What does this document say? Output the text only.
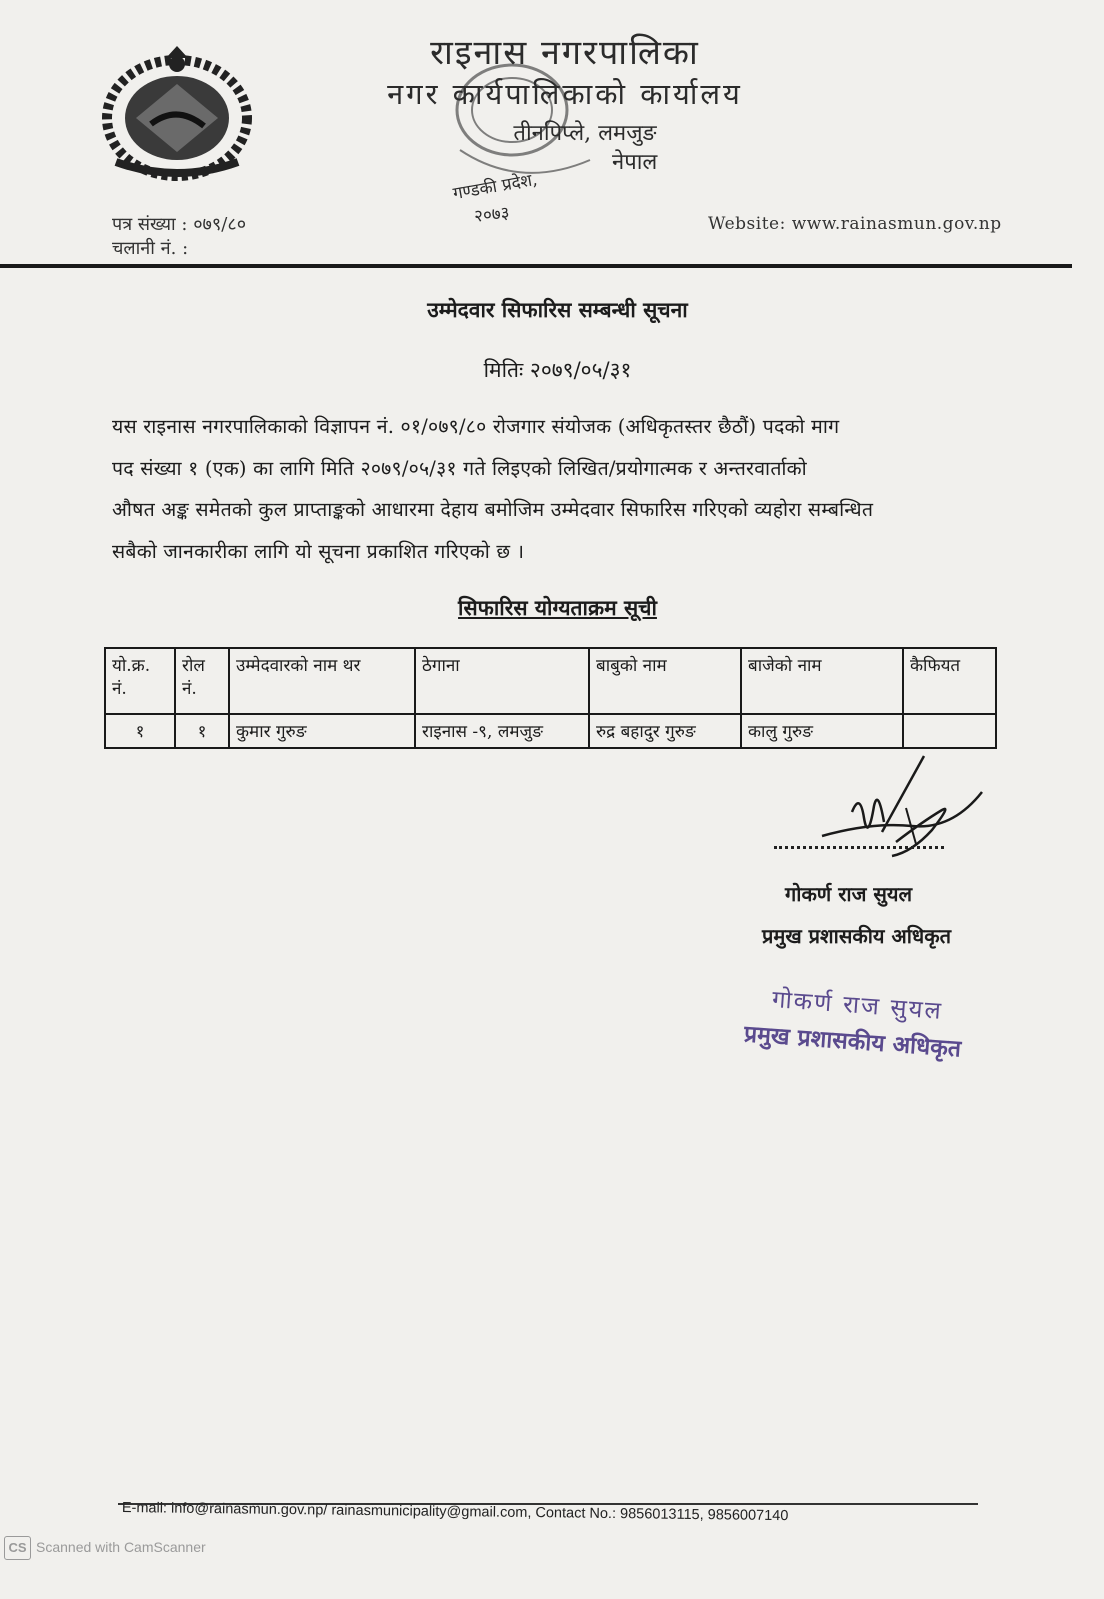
राइनास नगरपालिका
नगर कार्यपालिकाको कार्यालय
तीनपिप्ले, लमजुङ
नेपाल
गण्डकी प्रदेश,
२०७३
पत्र संख्या : ०७९/८०
चलानी नं. :
Website: www.rainasmun.gov.np
उम्मेदवार सिफारिस सम्बन्धी सूचना
मितिः २०७९/०५/३१
यस राइनास नगरपालिकाको विज्ञापन नं. ०१/०७९/८० रोजगार संयोजक (अधिकृतस्तर छैठौं) पदको माग
पद संख्या १ (एक) का लागि मिति २०७९/०५/३१ गते लिइएको लिखित/प्रयोगात्मक र अन्तरवार्ताको
औषत अङ्क समेतको कुल प्राप्ताङ्कको आधारमा देहाय बमोजिम उम्मेदवार सिफारिस गरिएको व्यहोरा सम्बन्धित
सबैको जानकारीका लागि यो सूचना प्रकाशित गरिएको छ ।
सिफारिस योग्यताक्रम सूची
यो.क्र. नं.	रोल नं.	उम्मेदवारको नाम थर	ठेगाना	बाबुको नाम	बाजेको नाम	कैफियत
१	१	कुमार गुरुङ	राइनास -९, लमजुङ	रुद्र बहादुर गुरुङ	कालु गुरुङ	
गोकर्ण राज सुयल
प्रमुख प्रशासकीय अधिकृत
गोकर्ण राज सुयल
प्रमुख प्रशासकीय अधिकृत
E-mail: info@rainasmun.gov.np/ rainasmunicipality@gmail.com, Contact No.: 9856013115, 9856007140
CS Scanned with CamScanner
